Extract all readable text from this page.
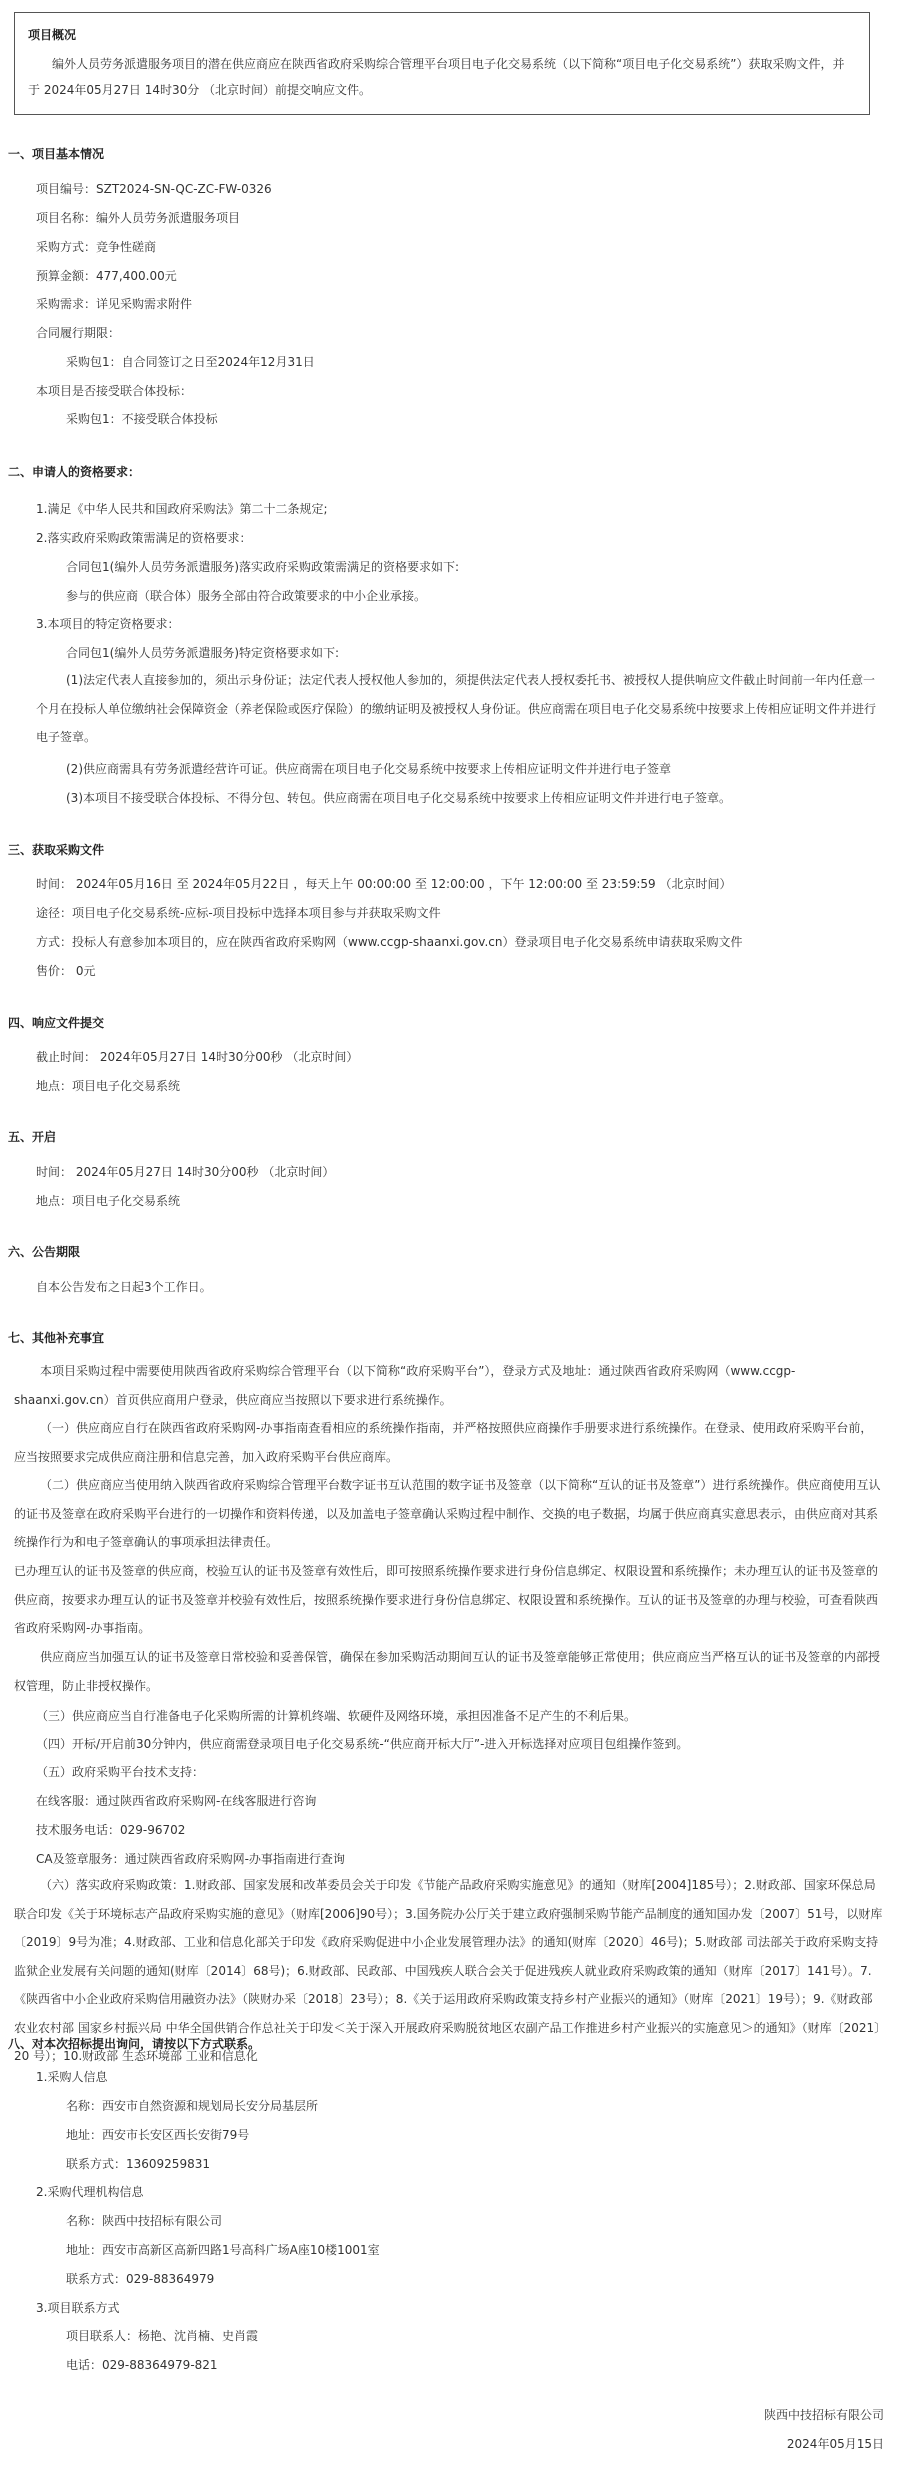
项目概况
编外人员劳务派遣服务项目的潜在供应商应在陕西省政府采购综合管理平台项目电子化交易系统（以下简称“项目电子化交易系统”）获取采购文件，并于 2024年05月27日 14时30分 （北京时间）前提交响应文件。
一、项目基本情况
项目编号：SZT2024-SN-QC-ZC-FW-0326
项目名称：编外人员劳务派遣服务项目
采购方式：竞争性磋商
预算金额：477,400.00元
采购需求：详见采购需求附件
合同履行期限：
采购包1：自合同签订之日至2024年12月31日
本项目是否接受联合体投标：
采购包1：不接受联合体投标
二、申请人的资格要求：
1.满足《中华人民共和国政府采购法》第二十二条规定;
2.落实政府采购政策需满足的资格要求：
合同包1(编外人员劳务派遣服务)落实政府采购政策需满足的资格要求如下:
参与的供应商（联合体）服务全部由符合政策要求的中小企业承接。
3.本项目的特定资格要求：
合同包1(编外人员劳务派遣服务)特定资格要求如下:
(1)法定代表人直接参加的，须出示身份证；法定代表人授权他人参加的，须提供法定代表人授权委托书、被授权人提供响应文件截止时间前一年内任意一个月在投标人单位缴纳社会保障资金（养老保险或医疗保险）的缴纳证明及被授权人身份证。供应商需在项目电子化交易系统中按要求上传相应证明文件并进行电子签章。
(2)供应商需具有劳务派遣经营许可证。供应商需在项目电子化交易系统中按要求上传相应证明文件并进行电子签章
(3)本项目不接受联合体投标、不得分包、转包。供应商需在项目电子化交易系统中按要求上传相应证明文件并进行电子签章。
三、获取采购文件
时间： 2024年05月16日 至 2024年05月22日 ，每天上午 00:00:00 至 12:00:00 ，下午 12:00:00 至 23:59:59 （北京时间）
途径：项目电子化交易系统-应标-项目投标中选择本项目参与并获取采购文件
方式：投标人有意参加本项目的，应在陕西省政府采购网（www.ccgp-shaanxi.gov.cn）登录项目电子化交易系统申请获取采购文件
售价： 0元
四、响应文件提交
截止时间： 2024年05月27日 14时30分00秒 （北京时间）
地点：项目电子化交易系统
五、开启
时间： 2024年05月27日 14时30分00秒 （北京时间）
地点：项目电子化交易系统
六、公告期限
自本公告发布之日起3个工作日。
七、其他补充事宜
本项目采购过程中需要使用陕西省政府采购综合管理平台（以下简称“政府采购平台”），登录方式及地址：通过陕西省政府采购网（www.ccgp-shaanxi.gov.cn）首页供应商用户登录，供应商应当按照以下要求进行系统操作。
（一）供应商应自行在陕西省政府采购网-办事指南查看相应的系统操作指南，并严格按照供应商操作手册要求进行系统操作。在登录、使用政府采购平台前，应当按照要求完成供应商注册和信息完善，加入政府采购平台供应商库。
（二）供应商应当使用纳入陕西省政府采购综合管理平台数字证书互认范围的数字证书及签章（以下简称“互认的证书及签章”）进行系统操作。供应商使用互认的证书及签章在政府采购平台进行的一切操作和资料传递，以及加盖电子签章确认采购过程中制作、交换的电子数据，均属于供应商真实意思表示，由供应商对其系统操作行为和电子签章确认的事项承担法律责任。
已办理互认的证书及签章的供应商，校验互认的证书及签章有效性后，即可按照系统操作要求进行身份信息绑定、权限设置和系统操作；未办理互认的证书及签章的供应商，按要求办理互认的证书及签章并校验有效性后，按照系统操作要求进行身份信息绑定、权限设置和系统操作。互认的证书及签章的办理与校验，可查看陕西省政府采购网-办事指南。
供应商应当加强互认的证书及签章日常校验和妥善保管，确保在参加采购活动期间互认的证书及签章能够正常使用；供应商应当严格互认的证书及签章的内部授权管理，防止非授权操作。
（三）供应商应当自行准备电子化采购所需的计算机终端、软硬件及网络环境，承担因准备不足产生的不利后果。
（四）开标/开启前30分钟内，供应商需登录项目电子化交易系统-“供应商开标大厅”-进入开标选择对应项目包组操作签到。
（五）政府采购平台技术支持：
在线客服：通过陕西省政府采购网-在线客服进行咨询
技术服务电话：029-96702
CA及签章服务：通过陕西省政府采购网-办事指南进行查询
（六）落实政府采购政策：1.财政部、国家发展和改革委员会关于印发《节能产品政府采购实施意见》的通知（财库[2004]185号）；2.财政部、国家环保总局联合印发《关于环境标志产品政府采购实施的意见》（财库[2006]90号）；3.国务院办公厅关于建立政府强制采购节能产品制度的通知国办发〔2007〕51号，以财库〔2019〕9号为准；4.财政部、工业和信息化部关于印发《政府采购促进中小企业发展管理办法》的通知(财库〔2020〕46号)；5.财政部 司法部关于政府采购支持监狱企业发展有关问题的通知(财库〔2014〕68号)；6.财政部、民政部、中国残疾人联合会关于促进残疾人就业政府采购政策的通知（财库〔2017〕141号）。7.《陕西省中小企业政府采购信用融资办法》（陕财办采〔2018〕23号）；8.《关于运用政府采购政策支持乡村产业振兴的通知》（财库〔2021〕19号）；9.《财政部 农业农村部 国家乡村振兴局 中华全国供销合作总社关于印发＜关于深入开展政府采购脱贫地区农副产品工作推进乡村产业振兴的实施意见＞的通知》（财库〔2021〕20 号）；10.财政部 生态环境部 工业和信息化
八、对本次招标提出询问，请按以下方式联系。
1.采购人信息
名称：西安市自然资源和规划局长安分局基层所
地址：西安市长安区西长安街79号
联系方式：13609259831
2.采购代理机构信息
名称：陕西中技招标有限公司
地址：西安市高新区高新四路1号高科广场A座10楼1001室
联系方式：029-88364979
3.项目联系方式
项目联系人：杨艳、沈肖楠、史肖霞
电话：029-88364979-821
陕西中技招标有限公司
2024年05月15日
